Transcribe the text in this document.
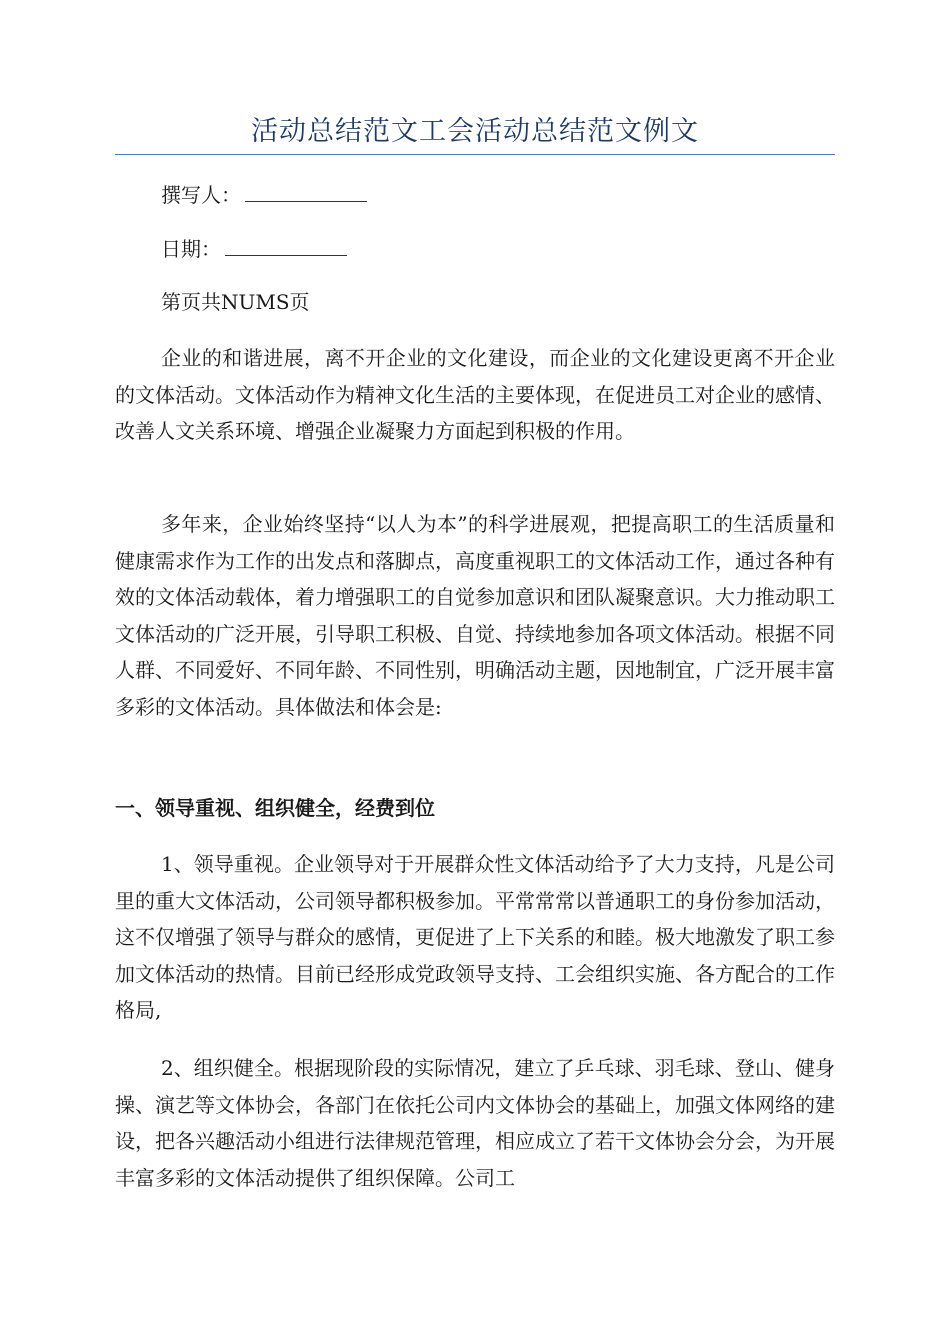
活动总结范文工会活动总结范文例文
撰写人：
日期：
第页共NUMS页

企业的和谐进展，离不开企业的文化建设，而企业的文化建设更离不开企业的文体活动。文体活动作为精神文化生活的主要体现，在促进员工对企业的感情、改善人文关系环境、增强企业凝聚力方面起到积极的作用。

多年来，企业始终坚持“以人为本”的科学进展观，把提高职工的生活质量和健康需求作为工作的出发点和落脚点，高度重视职工的文体活动工作，通过各种有效的文体活动载体，着力增强职工的自觉参加意识和团队凝聚意识。大力推动职工文体活动的广泛开展，引导职工积极、自觉、持续地参加各项文体活动。根据不同人群、不同爱好、不同年龄、不同性别，明确活动主题，因地制宜，广泛开展丰富多彩的文体活动。具体做法和体会是:

一、领导重视、组织健全，经费到位

1、领导重视。企业领导对于开展群众性文体活动给予了大力支持，凡是公司里的重大文体活动，公司领导都积极参加。平常常常以普通职工的身份参加活动，这不仅增强了领导与群众的感情，更促进了上下关系的和睦。极大地激发了职工参加文体活动的热情。目前已经形成党政领导支持、工会组织实施、各方配合的工作格局,

2、组织健全。根据现阶段的实际情况，建立了乒乓球、羽毛球、登山、健身操、演艺等文体协会，各部门在依托公司内文体协会的基础上，加强文体网络的建设，把各兴趣活动小组进行法律规范管理，相应成立了若干文体协会分会，为开展丰富多彩的文体活动提供了组织保障。公司工
